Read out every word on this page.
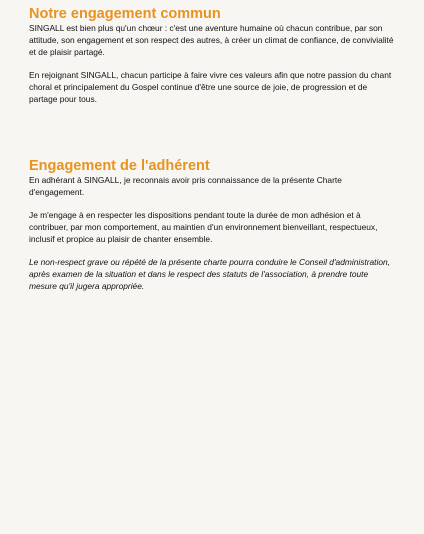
Notre engagement commun

SINGALL est bien plus qu'un chœur : c'est une aventure humaine où chacun contribue, par son attitude, son engagement et son respect des autres, à créer un climat de confiance, de convivialité et de plaisir partagé.

En rejoignant SINGALL, chacun participe à faire vivre ces valeurs afin que notre passion du chant choral et principalement du Gospel continue d'être une source de joie, de progression et de partage pour tous.

Engagement de l'adhérent

En adhérant à SINGALL, je reconnais avoir pris connaissance de la présente Charte d'engagement.

Je m'engage à en respecter les dispositions pendant toute la durée de mon adhésion et à contribuer, par mon comportement, au maintien d'un environnement bienveillant, respectueux, inclusif et propice au plaisir de chanter ensemble.

Le non-respect grave ou répété de la présente charte pourra conduire le Conseil d'administration, après examen de la situation et dans le respect des statuts de l'association, à prendre toute mesure qu'il jugera appropriée.
